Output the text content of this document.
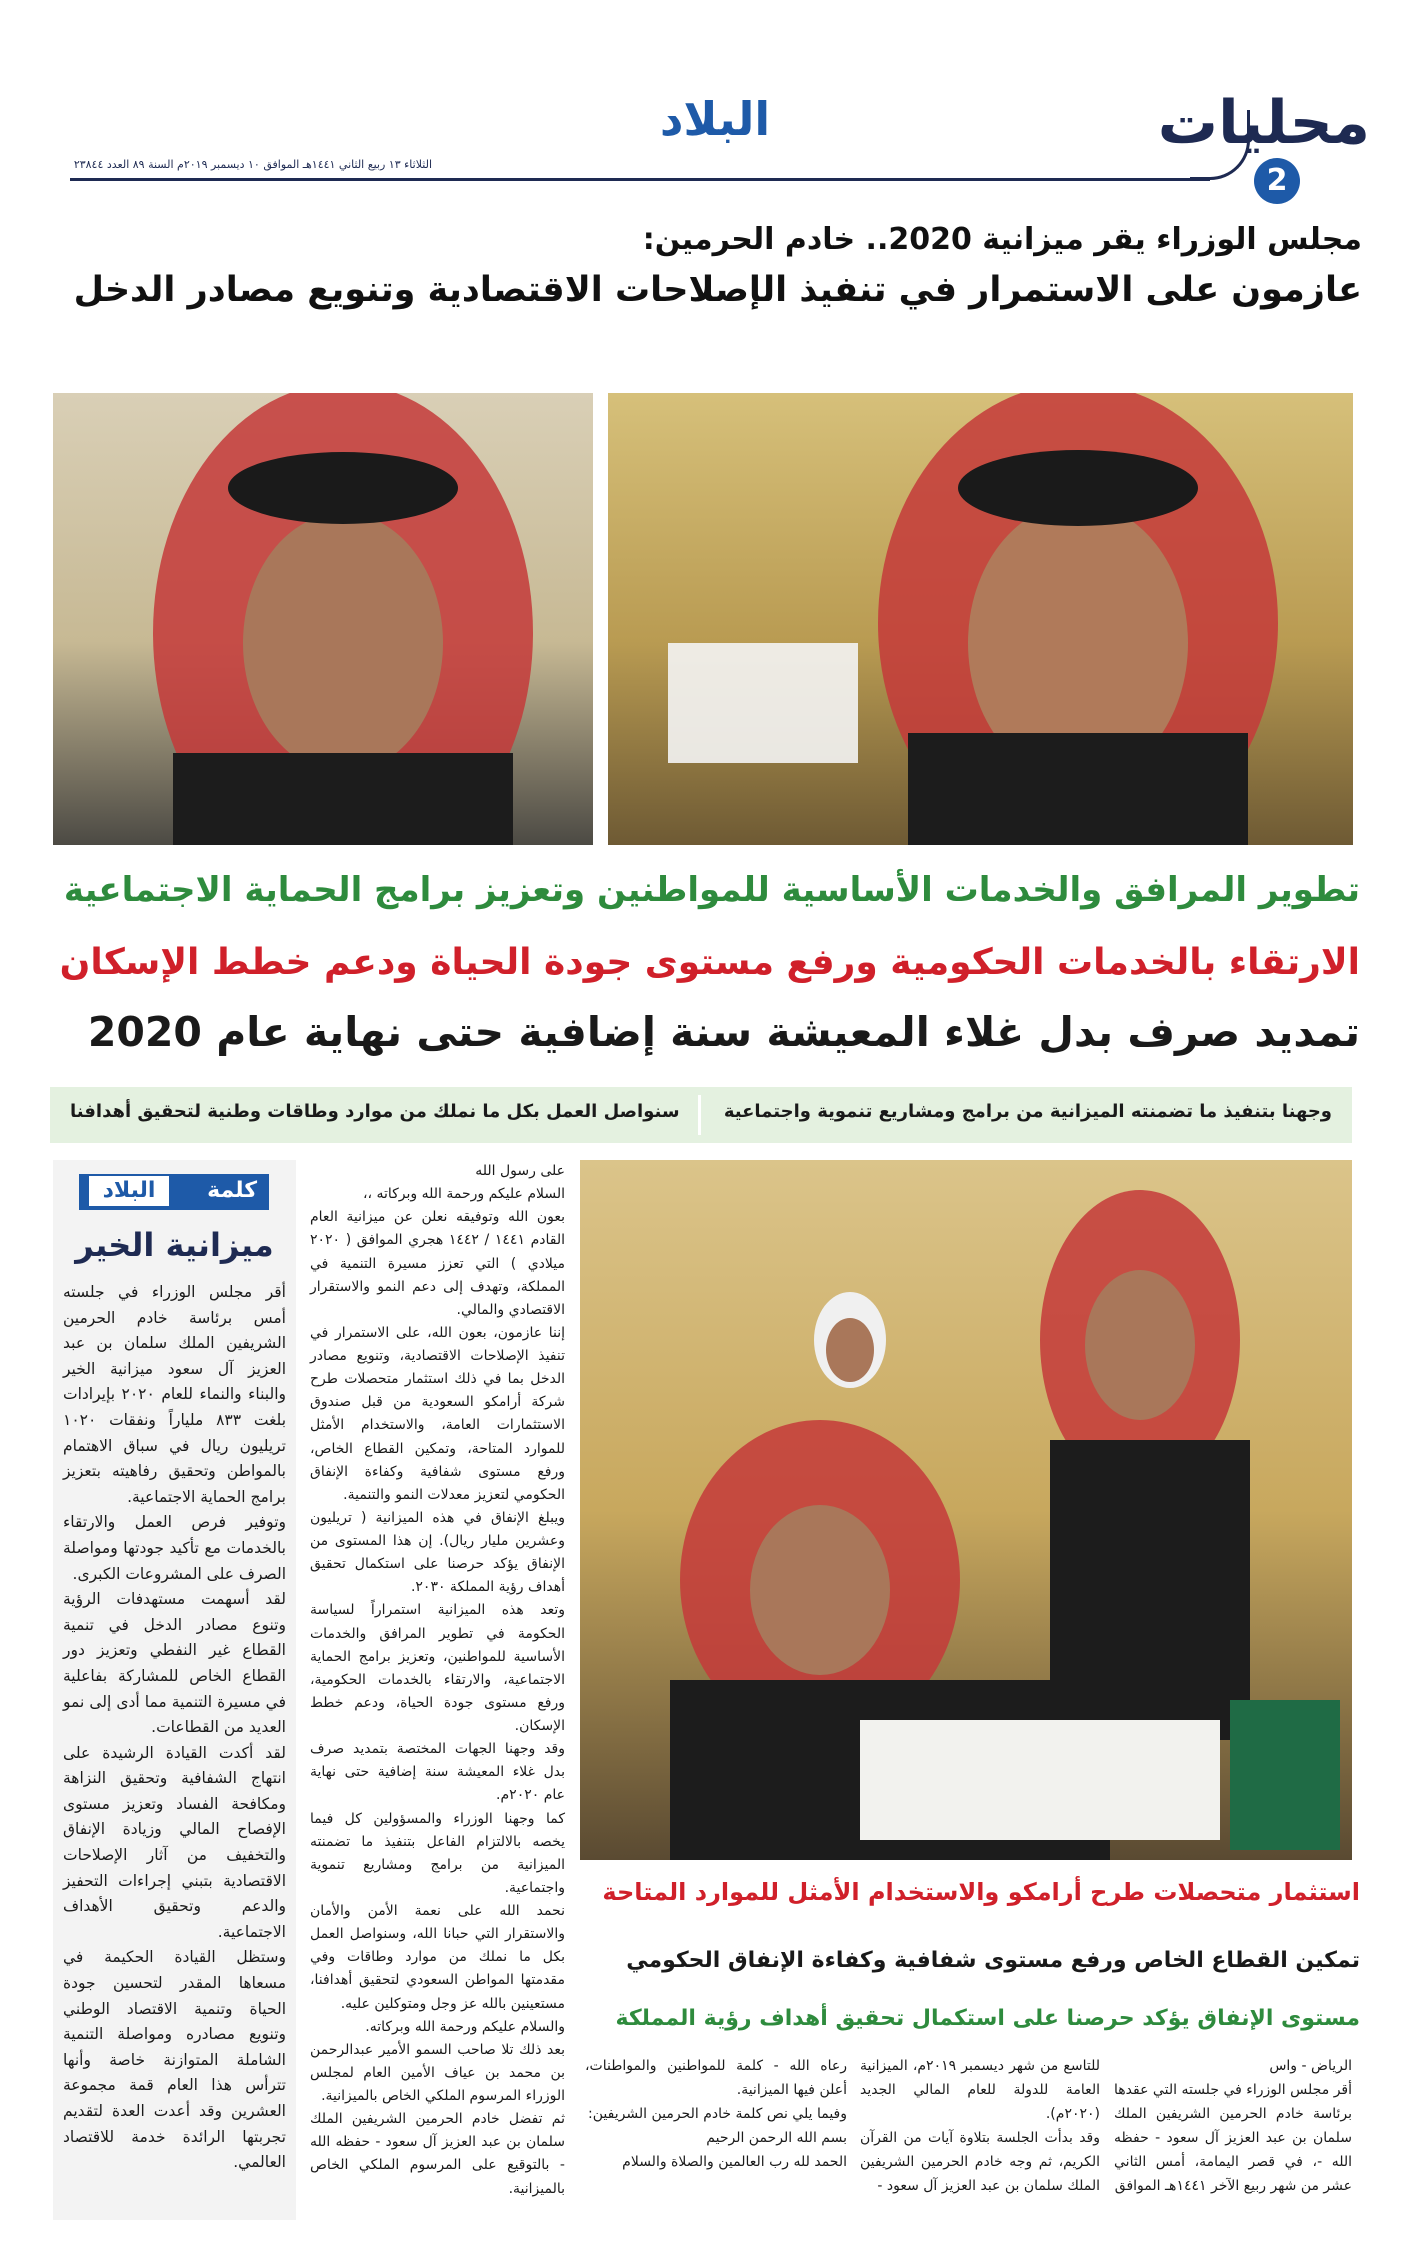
محليات
2
البلاد
الثلاثاء ١٣ ربيع الثاني ١٤٤١هـ الموافق ١٠ ديسمبر ٢٠١٩م السنة ٨٩ العدد ٢٣٨٤٤
مجلس الوزراء يقر ميزانية 2020.. خادم الحرمين:
عازمون على الاستمرار في تنفيذ الإصلاحات الاقتصادية وتنويع مصادر الدخل
تطوير المرافق والخدمات الأساسية للمواطنين وتعزيز برامج الحماية الاجتماعية
الارتقاء بالخدمات الحكومية ورفع مستوى جودة الحياة ودعم خطط الإسكان
تمديد صرف بدل غلاء المعيشة سنة إضافية حتى نهاية عام 2020
وجهنا بتنفيذ ما تضمنته الميزانية من برامج ومشاريع تنموية واجتماعية
سنواصل العمل بكل ما نملك من موارد وطاقات وطنية لتحقيق أهدافنا
كلمة
البلاد
ميزانية الخير
أقر مجلس الوزراء في جلسته أمس برئاسة خادم الحرمين الشريفين الملك سلمان بن عبد العزيز آل سعود ميزانية الخير والبناء والنماء للعام ٢٠٢٠ بإيرادات بلغت ٨٣٣ ملياراً ونفقات ١٠٢٠ تريليون ريال في سباق الاهتمام بالمواطن وتحقيق رفاهيته بتعزيز برامج الحماية الاجتماعية.
وتوفير فرص العمل والارتقاء بالخدمات مع تأكيد جودتها ومواصلة الصرف على المشروعات الكبرى.
لقد أسهمت مستهدفات الرؤية وتنوع مصادر الدخل في تنمية القطاع غير النفطي وتعزيز دور القطاع الخاص للمشاركة بفاعلية في مسيرة التنمية مما أدى إلى نمو العديد من القطاعات.
لقد أكدت القيادة الرشيدة على انتهاج الشفافية وتحقيق النزاهة ومكافحة الفساد وتعزيز مستوى الإفصاح المالي وزيادة الإنفاق والتخفيف من آثار الإصلاحات الاقتصادية بتبني إجراءات التحفيز والدعم وتحقيق الأهداف الاجتماعية.
وستظل القيادة الحكيمة في مسعاها المقدر لتحسين جودة الحياة وتنمية الاقتصاد الوطني وتنويع مصادره ومواصلة التنمية الشاملة المتوازنة خاصة وأنها تترأس هذا العام قمة مجموعة العشرين وقد أعدت العدة لتقديم تجربتها الرائدة خدمة للاقتصاد العالمي.
على رسول الله
السلام عليكم ورحمة الله وبركاته ،،
بعون الله وتوفيقه نعلن عن ميزانية العام القادم ١٤٤١ / ١٤٤٢ هجري الموافق ( ٢٠٢٠ ميلادي ) التي تعزز مسيرة التنمية في المملكة، وتهدف إلى دعم النمو والاستقرار الاقتصادي والمالي.
إننا عازمون، بعون الله، على الاستمرار في تنفيذ الإصلاحات الاقتصادية، وتنويع مصادر الدخل بما في ذلك استثمار متحصلات طرح شركة أرامكو السعودية من قبل صندوق الاستثمارات العامة، والاستخدام الأمثل للموارد المتاحة، وتمكين القطاع الخاص، ورفع مستوى شفافية وكفاءة الإنفاق الحكومي لتعزيز معدلات النمو والتنمية.
ويبلغ الإنفاق في هذه الميزانية ( تريليون وعشرين مليار ريال). إن هذا المستوى من الإنفاق يؤكد حرصنا على استكمال تحقيق أهداف رؤية المملكة ٢٠٣٠.
وتعد هذه الميزانية استمراراً لسياسة الحكومة في تطوير المرافق والخدمات الأساسية للمواطنين، وتعزيز برامج الحماية الاجتماعية، والارتقاء بالخدمات الحكومية، ورفع مستوى جودة الحياة، ودعم خطط الإسكان.
وقد وجهنا الجهات المختصة بتمديد صرف بدل غلاء المعيشة سنة إضافية حتى نهاية عام ٢٠٢٠م.
كما وجهنا الوزراء والمسؤولين كل فيما يخصه بالالتزام الفاعل بتنفيذ ما تضمنته الميزانية من برامج ومشاريع تنموية واجتماعية.
نحمد الله على نعمة الأمن والأمان والاستقرار التي حبانا الله، وسنواصل العمل بكل ما نملك من موارد وطاقات وفي مقدمتها المواطن السعودي لتحقيق أهدافنا، مستعينين بالله عز وجل ومتوكلين عليه.
والسلام عليكم ورحمة الله وبركاته.
بعد ذلك تلا صاحب السمو الأمير عبدالرحمن بن محمد بن عياف الأمين العام لمجلس الوزراء المرسوم الملكي الخاص بالميزانية.
ثم تفضل خادم الحرمين الشريفين الملك سلمان بن عبد العزيز آل سعود - حفظه الله - بالتوقيع على المرسوم الملكي الخاص بالميزانية.
استثمار متحصلات طرح أرامكو والاستخدام الأمثل للموارد المتاحة
تمكين القطاع الخاص ورفع مستوى شفافية وكفاءة الإنفاق الحكومي
مستوى الإنفاق يؤكد حرصنا على استكمال تحقيق أهداف رؤية المملكة
الرياض - واس
أقر مجلس الوزراء في جلسته التي عقدها برئاسة خادم الحرمين الشريفين الملك سلمان بن عبد العزيز آل سعود - حفظه الله -، في قصر اليمامة، أمس الثاني عشر من شهر ربيع الآخر ١٤٤١هـ الموافق
للتاسع من شهر ديسمبر ٢٠١٩م، الميزانية العامة للدولة للعام المالي الجديد (٢٠٢٠م).
وقد بدأت الجلسة بتلاوة آيات من القرآن الكريم، ثم وجه خادم الحرمين الشريفين الملك سلمان بن عبد العزيز آل سعود -
رعاه الله - كلمة للمواطنين والمواطنات، أعلن فيها الميزانية.
وفيما يلي نص كلمة خادم الحرمين الشريفين:
بسم الله الرحمن الرحيم
الحمد لله رب العالمين والصلاة والسلام
